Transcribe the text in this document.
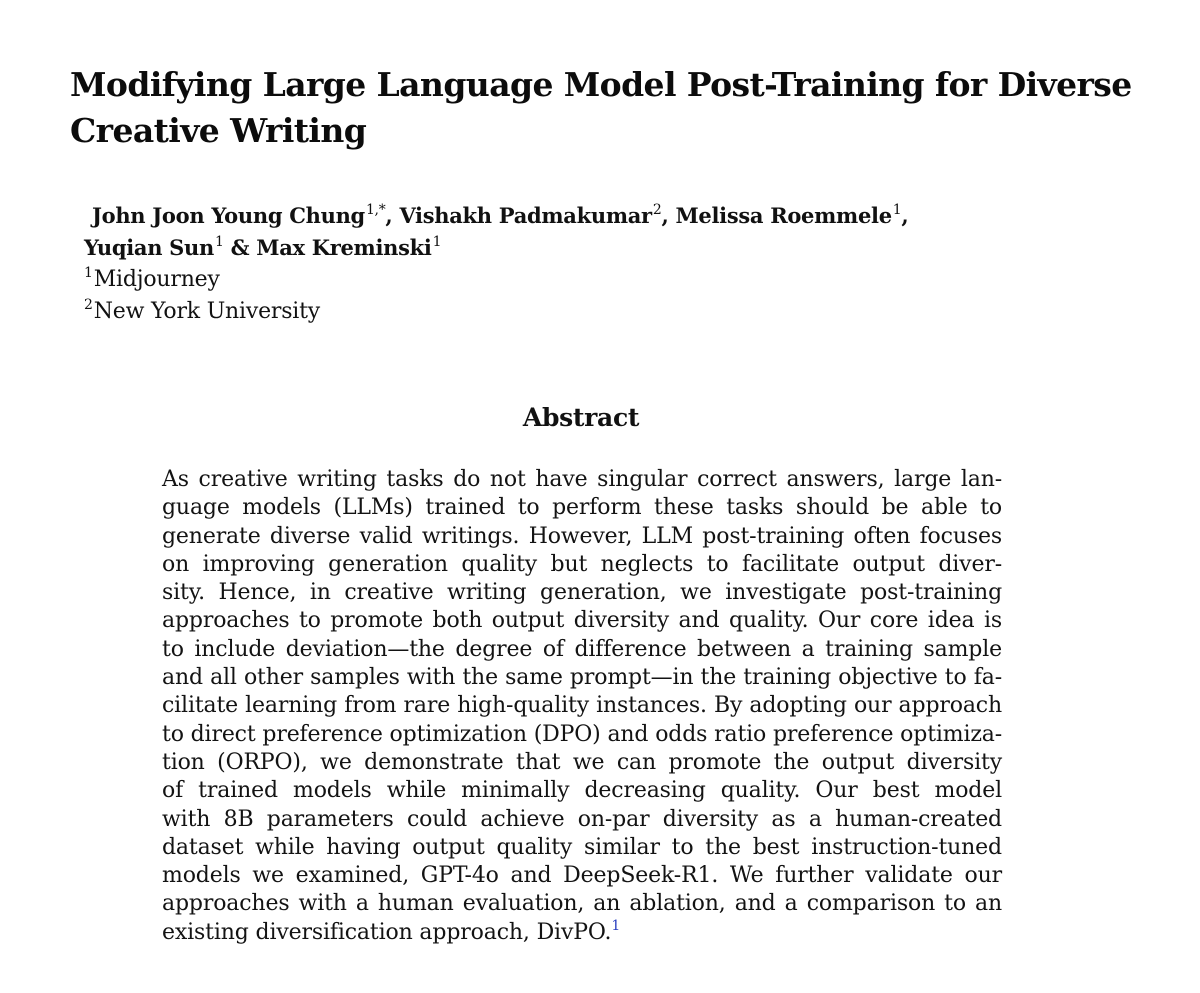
Modifying Large Language Model Post-Training for Diverse
Creative Writing
John Joon Young Chung$^{1,*}$, Vishakh Padmakumar$^2$, Melissa Roemmele$^1$,
Yuqian Sun$^1$ & Max Kreminski$^1$
$^1$Midjourney
$^2$New York University
Abstract
As creative writing tasks do not have singular correct answers, large lan-
guage models (LLMs) trained to perform these tasks should be able to
generate diverse valid writings. However, LLM post-training often focuses
on improving generation quality but neglects to facilitate output diver-
sity. Hence, in creative writing generation, we investigate post-training
approaches to promote both output diversity and quality. Our core idea is
to include deviation—the degree of difference between a training sample
and all other samples with the same prompt—in the training objective to fa-
cilitate learning from rare high-quality instances. By adopting our approach
to direct preference optimization (DPO) and odds ratio preference optimiza-
tion (ORPO), we demonstrate that we can promote the output diversity
of trained models while minimally decreasing quality. Our best model
with 8B parameters could achieve on-par diversity as a human-created
dataset while having output quality similar to the best instruction-tuned
models we examined, GPT-4o and DeepSeek-R1. We further validate our
approaches with a human evaluation, an ablation, and a comparison to an
existing diversification approach, DivPO.$^1$
